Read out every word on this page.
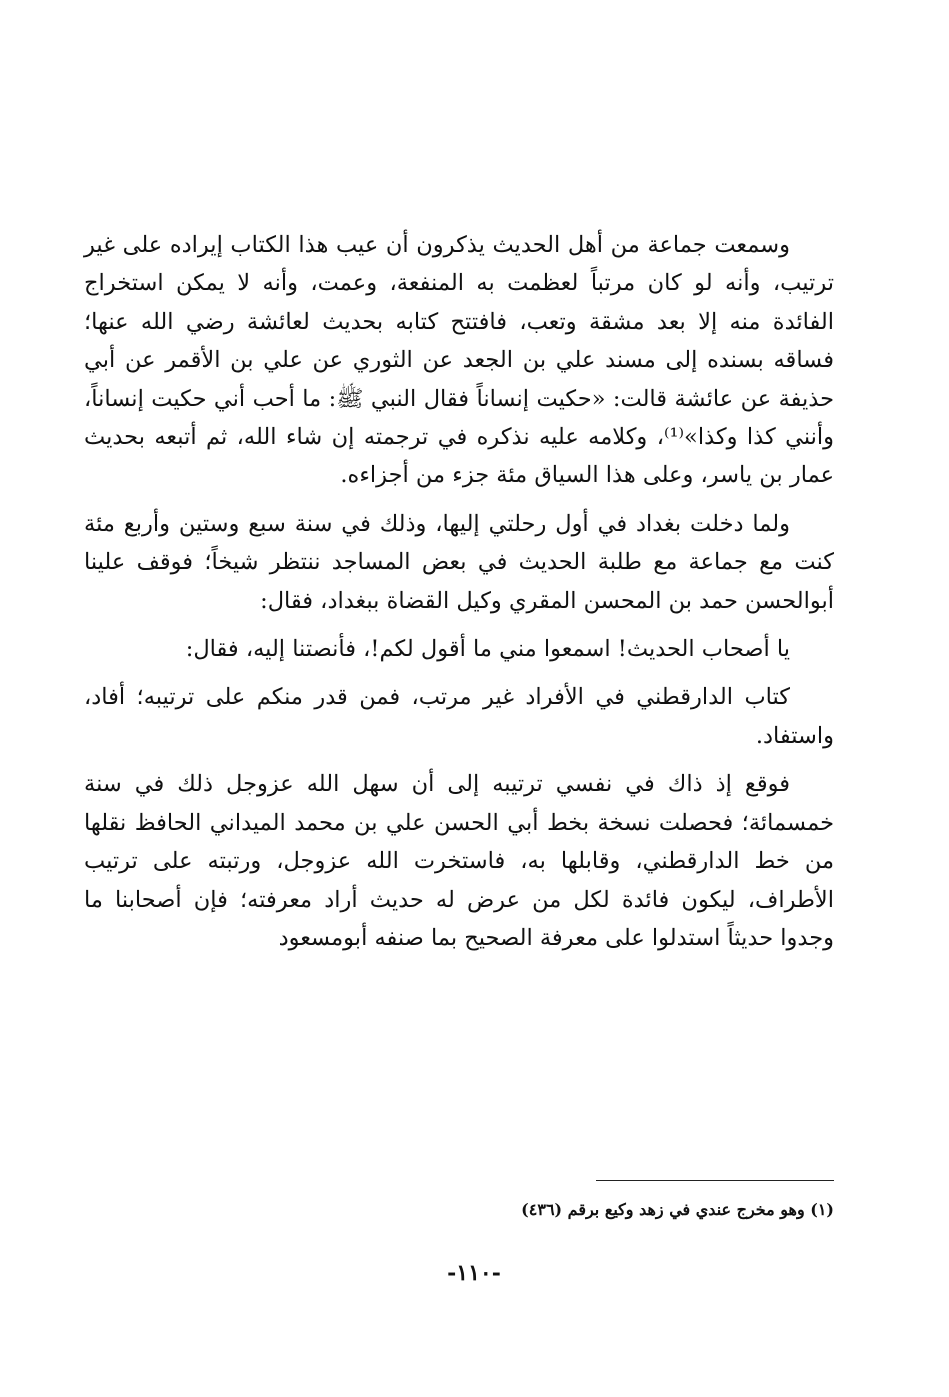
وسمعت جماعة من أهل الحديث يذكرون أن عيب هذا الكتاب إيراده على غير ترتيب، وأنه لو كان مرتباً لعظمت به المنفعة، وعمت، وأنه لا يمكن استخراج الفائدة منه إلا بعد مشقة وتعب، فافتتح كتابه بحديث لعائشة رضي الله عنها؛ فساقه بسنده إلى مسند علي بن الجعد عن الثوري عن علي بن الأقمر عن أبي حذيفة عن عائشة قالت: «حكيت إنساناً فقال النبي ﷺ: ما أحب أني حكيت إنساناً، وأنني كذا وكذا»⁽¹⁾، وكلامه عليه نذكره في ترجمته إن شاء الله، ثم أتبعه بحديث عمار بن ياسر، وعلى هذا السياق مئة جزء من أجزاءه.

ولما دخلت بغداد في أول رحلتي إليها، وذلك في سنة سبع وستين وأربع مئة كنت مع جماعة مع طلبة الحديث في بعض المساجد ننتظر شيخاً؛ فوقف علينا أبوالحسن حمد بن المحسن المقري وكيل القضاة ببغداد، فقال:

يا أصحاب الحديث! اسمعوا مني ما أقول لكم!، فأنصتنا إليه، فقال:

كتاب الدارقطني في الأفراد غير مرتب، فمن قدر منكم على ترتيبه؛ أفاد، واستفاد.

فوقع إذ ذاك في نفسي ترتيبه إلى أن سهل الله عزوجل ذلك في سنة خمسمائة؛ فحصلت نسخة بخط أبي الحسن علي بن محمد الميداني الحافظ نقلها من خط الدارقطني، وقابلها به، فاستخرت الله عزوجل، ورتبته على ترتيب الأطراف، ليكون فائدة لكل من عرض له حديث أراد معرفته؛ فإن أصحابنا ما وجدوا حديثاً استدلوا على معرفة الصحيح بما صنفه أبومسعود

(١) وهو مخرج عندي في زهد وكيع برقم (٤٣٦)
-١١٠-
